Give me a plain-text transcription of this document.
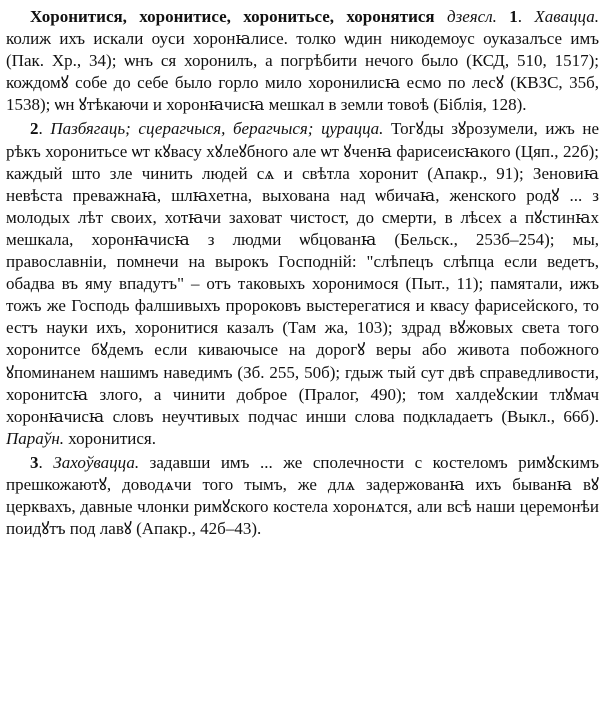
Хоронитися, хоронитисе, хоронитьсе, хоронятися дзеясл. 1. Хавацца. колиж ихъ искали оуси хоронꙗлисе. толко ѡдин никодемоус оуказалъсе имъ (Пак. Хр., 34); ѡнъ ся хоронилъ, а погрѣбити нечого было (КСД, 510, 1517); кождомꙋ собе до себе было горло мило хоронилисꙗ есмо по лесꙋ (КВЗС, 35б, 1538); ѡн ꙋтѣкаючи и хоронꙗчисꙗ мешкал в земли товоѣ (Біблія, 128).

2. Пазбягаць; сцерагчыся, берагчыся; цураццa. Тогꙋды зꙋрозумели, ижъ не рѣкъ хоронитьсе ѡт кꙋвасу хꙋлеꙋбного але ѡт ꙋченꙗ фарисеисꙗкого (Цяп., 22б); каждый што зле чинить людей сѧ и свѣтла хоронит (Апакр., 91); Зеновиꙗ невѣста преважнаꙗ, шлꙗхетна, выхована над ѡбичаꙗ, женского родꙋ ... з молодых лѣт своих, хотꙗчи заховат чистост, до смерти, в лѣсех а пꙋстинꙗх мешкала, хоронꙗчисꙗ з людми ѡбцованꙗ (Бельск., 253б–254); мы, православніи, помнечи на вырокъ Господній: "слѣпецъ слѣпца если ведетъ, обадва въ яму впадутъ" – отъ таковыхъ хоронимося (Пыт., 11); памятали, ижъ тожъ же Господь фалшивыхъ пророковъ выстерегатися и квасу фарисейского, то естъ науки ихъ, хоронитися казалъ (Там жа, 103); здрад вꙋжовых света того хоронитсе бꙋдемъ если киваючысе на дорогꙋ веры або живота побожного ꙋпоминанем нашимъ наведимъ (Зб. 255, 50б); гдыж тый сут двѣ справедливости, хоронитсꙗ злого, а чинити доброе (Пралог, 490); том халдеꙋскии тлꙋмач хоронꙗчисꙗ словъ неучтивых подчас инши слова подкладаетъ (Выкл., 66б). Параўн. хоронитися.

3. Захоўвацца. задавши имъ ... же сполечности с костеломъ римꙋскимъ прешкожаютꙋ, доводѧчи того тымъ, же длѧ задержованꙗ ихъ быванꙗ вꙋ церквахъ, давные члонки римꙋского костела хоронѧтся, али всѣ наши церемонѣи поидꙋтъ под лавꙋ (Апакр., 42б–43).
